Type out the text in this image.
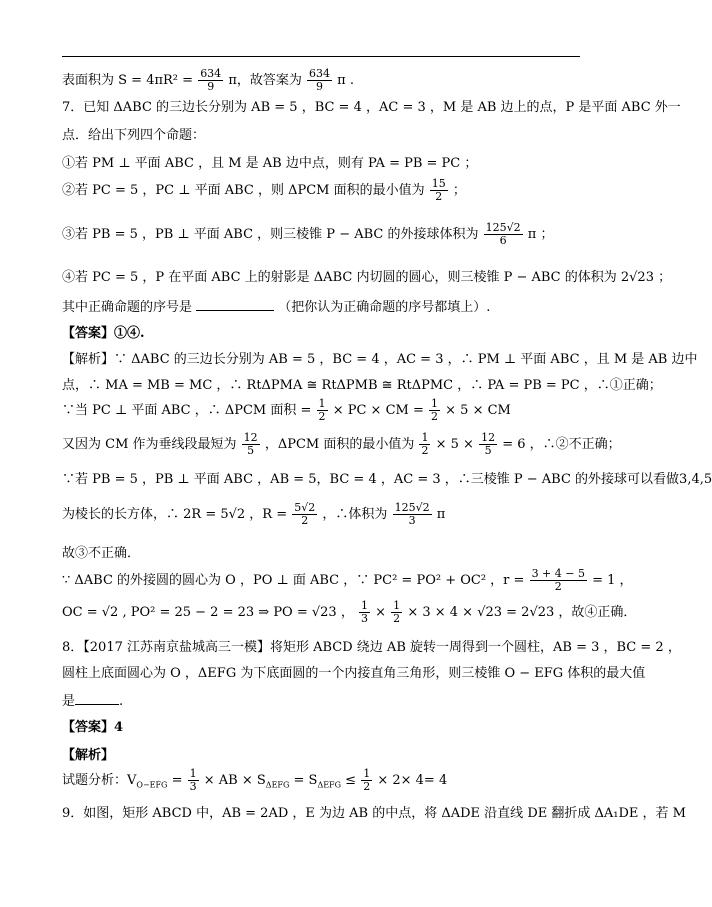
表面积为 $S = 4\pi R^2 = \frac{634}{9}$ π，故答案为 $\frac{634}{9}$ π .
7．已知 ΔABC 的三边长分别为 AB = 5 ，BC = 4 ，AC = 3 ，M 是 AB 边上的点，P 是平面 ABC 外一
点．给出下列四个命题：
①若 PM ⊥ 平面 ABC ，且 M 是 AB 边中点，则有 PA = PB = PC ；
②若 PC = 5 ，PC ⊥ 平面 ABC ，则 ΔPCM 面积的最小值为 $\frac{15}{2}$ ；
③若 PB = 5 ，PB ⊥ 平面 ABC ，则三棱锥 P − ABC 的外接球体积为 $\frac{125√2}{6}$ π ；
④若 PC = 5 ，P 在平面 ABC 上的射影是 ΔABC 内切圆的圆心，则三棱锥 P − ABC 的体积为 2√23 ；
其中正确命题的序号是	（把你认为正确命题的序号都填上）.
【答案】①④.
【解析】∵ ΔABC 的三边长分别为 AB = 5 ，BC = 4 ，AC = 3 ，∴ PM ⊥ 平面 ABC ，且 M 是 AB 边中
点，∴ MA = MB = MC ，∴ RtΔPMA ≅ RtΔPMB ≅ RtΔPMC ，∴ PA = PB = PC ，∴①正确；
∵当 PC ⊥ 平面 ABC ，∴ ΔPCM 面积 = $\frac{1}{2}$ × PC × CM = $\frac{1}{2} \times 5$ × CM
又因为 CM 作为垂线段最短为 $\frac{12}{5}$ ，ΔPCM 面积的最小值为 $\frac{1}{2} \times 5 \times \frac{12}{5} = 6$ ，∴②不正确；
∵若 PB = 5 ，PB ⊥ 平面 ABC ，AB = 5，BC = 4 ，AC = 3 ，∴三棱锥 P − ABC 的外接球可以看做3,4,5
为棱长的长方体，∴ 2R = 5√2 ，$R = \frac{5√2}{2}$ ，∴体积为 $\frac{125√2}{3}$ π
故③不正确．
∵ ΔABC 的外接圆的圆心为 O ，PO ⊥ 面 ABC ，∵ PC² = PO² + OC² ，$r = \frac{3 + 4 - 5}{2} = 1$ ，
OC = √2 , PO² = 25 − 2 = 23 ⇒ PO = √23 ， $\frac{1}{3} \times \frac{1}{2} \times 3 \times 4 \times √23 = 2√23$ ，故④正确．
8．【2017 江苏南京盐城高三一模】将矩形 ABCD 绕边 AB 旋转一周得到一个圆柱，AB = 3 ，BC = 2 ，
圆柱上底面圆心为 O ，ΔEFG 为下底面圆的一个内接直角三角形，则三棱锥 O − EFG 体积的最大值
是	.
【答案】4
【解析】
试题分析：$V_{O-EFG} = \frac{1}{3}$ × AB × $S_{\Delta EFG} = S_{\Delta EFG} \le \frac{1}{2} \times 2\times 4= 4$
9．如图，矩形 ABCD 中，AB = 2AD ，E 为边 AB 的中点，将 ΔADE 沿直线 DE 翻折成 ΔA₁DE ，若 M
